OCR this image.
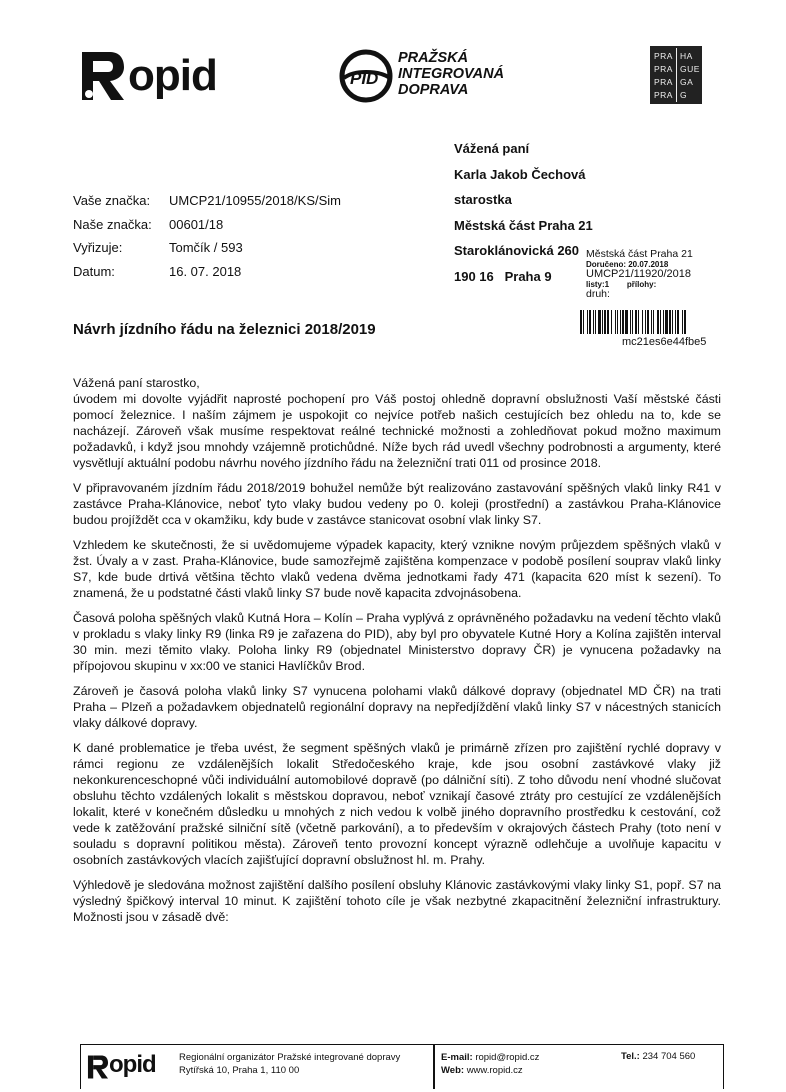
opid	PID
PRAŽSKÁ
INTEGROVANÁ
DOPRAVA
PRA HA
PRA GUE
PRA GA
PRA G
Vážená paní
Karla Jakob Čechová
starostka
Městská část Praha 21
Staroklánovická 260
190 16   Praha 9
Vaše značka:	UMCP21/10955/2018/KS/Sim
Naše značka:	00601/18
Vyřizuje:	Tomčík / 593
Datum:	16. 07. 2018
Městská část Praha 21
Doručeno: 20.07.2018
UMCP21/11920/2018
listy:1        přílohy:
druh:
mc21es6e44fbe5
Návrh jízdního řádu na železnici 2018/2019

Vážená paní starostko,

úvodem mi dovolte vyjádřit naprosté pochopení pro Váš postoj ohledně dopravní obslužnosti Vaší městské části pomocí železnice. I naším zájmem je uspokojit co nejvíce potřeb našich cestujících bez ohledu na to, kde se nacházejí. Zároveň však musíme respektovat reálné technické možnosti a zohledňovat pokud možno maximum požadavků, i když jsou mnohdy vzájemně protichůdné. Níže bych rád uvedl všechny podrobnosti a argumenty, které vysvětlují aktuální podobu návrhu nového jízdního řádu na železniční trati 011 od prosince 2018.

V připravovaném jízdním řádu 2018/2019 bohužel nemůže být realizováno zastavování spěšných vlaků linky R41 v zastávce Praha-Klánovice, neboť tyto vlaky budou vedeny po 0. koleji (prostřední) a zastávkou Praha-Klánovice budou projíždět cca v okamžiku, kdy bude v zastávce stanicovat osobní vlak linky S7.

Vzhledem ke skutečnosti, že si uvědomujeme výpadek kapacity, který vznikne novým průjezdem spěšných vlaků v žst. Úvaly a v zast. Praha-Klánovice, bude samozřejmě zajištěna kompenzace v podobě posílení souprav vlaků linky S7, kde bude drtivá většina těchto vlaků vedena dvěma jednotkami řady 471 (kapacita 620 míst k sezení). To znamená, že u podstatné části vlaků linky S7 bude nově kapacita zdvojnásobena.

Časová poloha spěšných vlaků Kutná Hora – Kolín – Praha vyplývá z oprávněného požadavku na vedení těchto vlaků v prokladu s vlaky linky R9 (linka R9 je zařazena do PID), aby byl pro obyvatele Kutné Hory a Kolína zajištěn interval 30 min. mezi těmito vlaky. Poloha linky R9 (objednatel Ministerstvo dopravy ČR) je vynucena požadavky na přípojovou skupinu v xx:00 ve stanici Havlíčkův Brod.

Zároveň je časová poloha vlaků linky S7 vynucena polohami vlaků dálkové dopravy (objednatel MD ČR) na trati Praha – Plzeň a požadavkem objednatelů regionální dopravy na nepředjíždění vlaků linky S7 v nácestných stanicích vlaky dálkové dopravy.

K dané problematice je třeba uvést, že segment spěšných vlaků je primárně zřízen pro zajištění rychlé dopravy v rámci regionu ze vzdálenějších lokalit Středočeského kraje, kde jsou osobní zastávkové vlaky již nekonkurenceschopné vůči individuální automobilové dopravě (po dálniční síti). Z toho důvodu není vhodné slučovat obsluhu těchto vzdálených lokalit s městskou dopravou, neboť vznikají časové ztráty pro cestující ze vzdálenějších lokalit, které v konečném důsledku u mnohých z nich vedou k volbě jiného dopravního prostředku k cestování, což vede k zatěžování pražské silniční sítě (včetně parkování), a to především v okrajových částech Prahy (toto není v souladu s dopravní politikou města). Zároveň tento provozní koncept výrazně odlehčuje a uvolňuje kapacitu v osobních zastávkových vlacích zajišťující dopravní obslužnost hl. m. Prahy.

Výhledově je sledována možnost zajištění dalšího posílení obsluhy Klánovic zastávkovými vlaky linky S1, popř. S7 na výsledný špičkový interval 10 minut. K zajištění tohoto cíle je však nezbytné zkapacitnění železniční infrastruktury. Možnosti jsou v zásadě dvě:

opid Regionální organizátor Pražské integrované dopravy
Rytířská 10, Praha 1, 110 00
E-mail: ropid@ropid.cz
Web: www.ropid.cz
Tel.: 234 704 560
